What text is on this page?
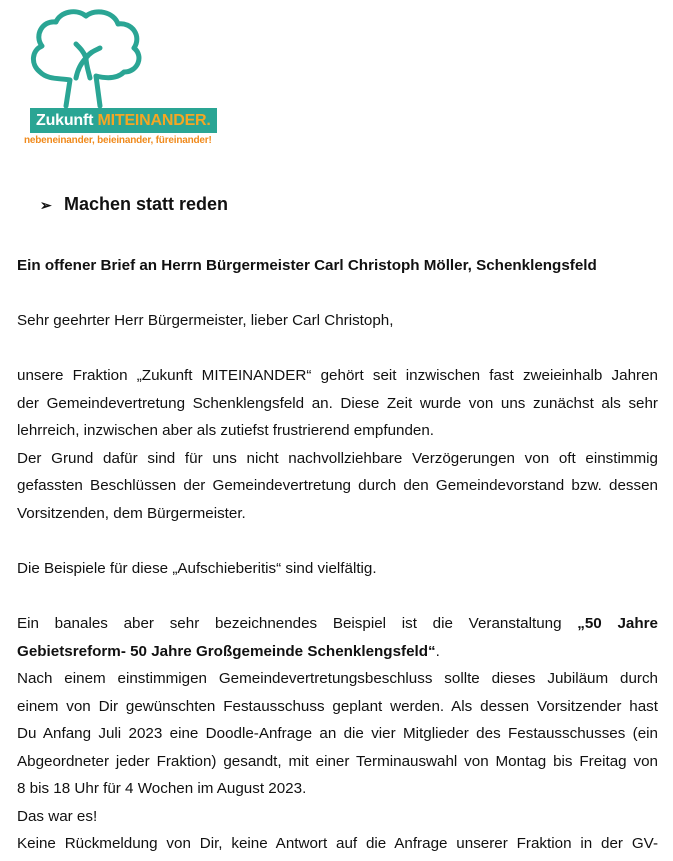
Zukunft MITEINANDER.
nebeneinander, beieinander, füreinander!
➢ Machen statt reden
Ein offener Brief an Herrn Bürgermeister Carl Christoph Möller, Schenklengsfeld
Sehr geehrter Herr Bürgermeister, lieber Carl Christoph,
unsere Fraktion „Zukunft MITEINANDER“ gehört seit inzwischen fast zweieinhalb Jahren
der Gemeindevertretung Schenklengsfeld an. Diese Zeit wurde von uns zunächst als sehr
lehrreich, inzwischen aber als zutiefst frustrierend empfunden.
Der Grund dafür sind für uns nicht nachvollziehbare Verzögerungen von oft einstimmig
gefassten Beschlüssen der Gemeindevertretung durch den Gemeindevorstand bzw. dessen
Vorsitzenden, dem Bürgermeister.
Die Beispiele für diese „Aufschieberitis“ sind vielfältig.
Ein banales aber sehr bezeichnendes Beispiel ist die Veranstaltung „50 Jahre
Gebietsreform- 50 Jahre Großgemeinde Schenklengsfeld“.
Nach einem einstimmigen Gemeindevertretungsbeschluss sollte dieses Jubiläum durch
einem von Dir gewünschten Festausschuss geplant werden. Als dessen Vorsitzender hast
Du Anfang Juli 2023 eine Doodle-Anfrage an die vier Mitglieder des Festausschusses (ein
Abgeordneter jeder Fraktion) gesandt, mit einer Terminauswahl von Montag bis Freitag von
8 bis 18 Uhr für 4 Wochen im August 2023.
Das war es!
Keine Rückmeldung von Dir, keine Antwort auf die Anfrage unserer Fraktion in der GV-
